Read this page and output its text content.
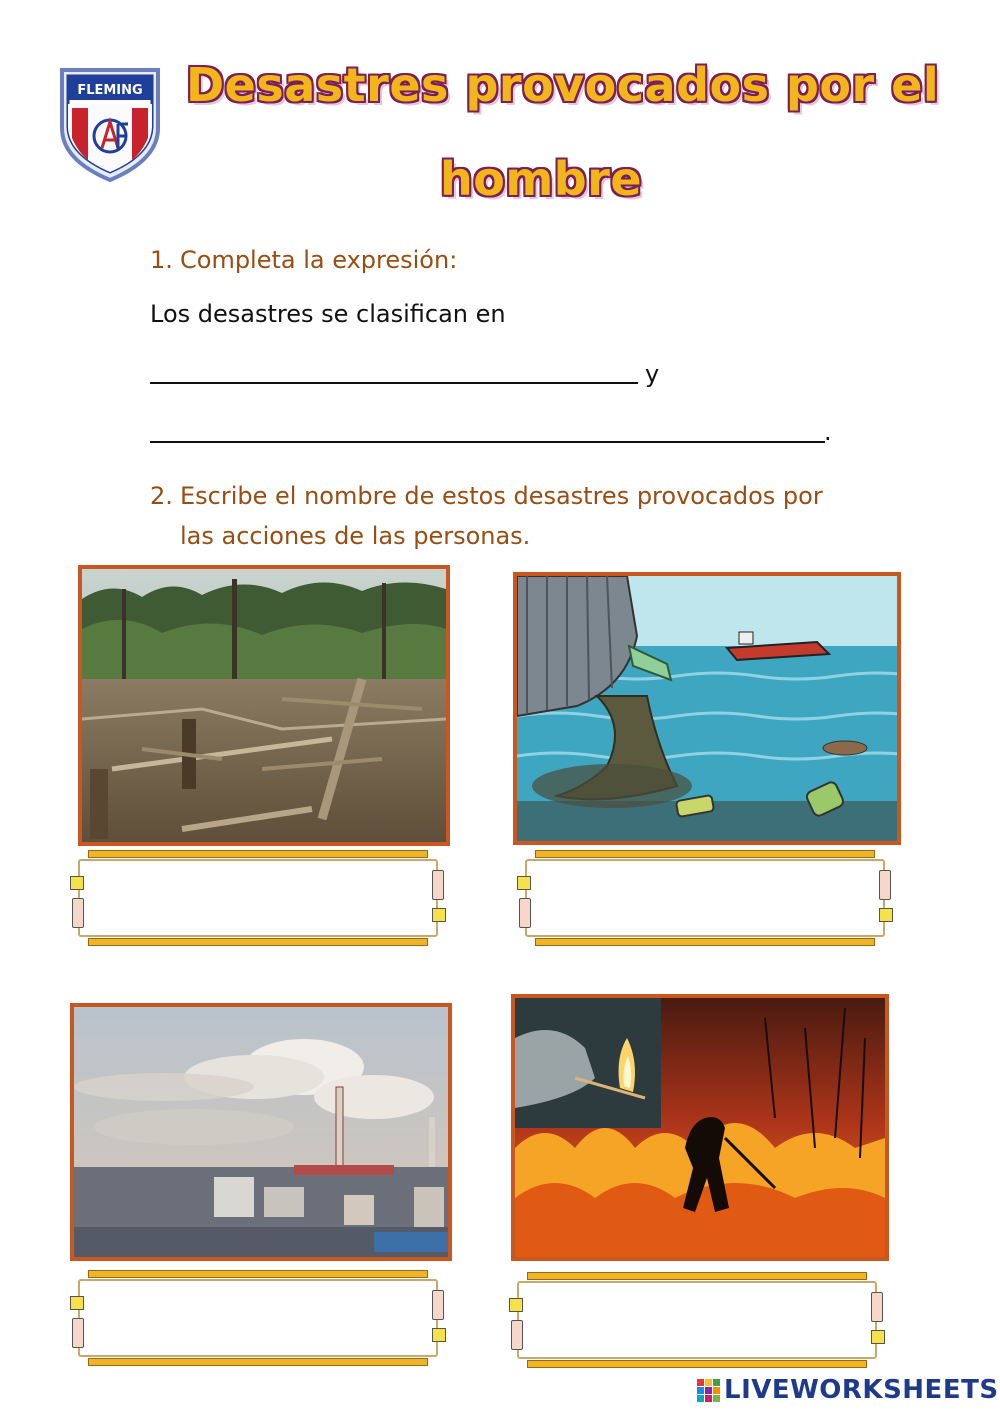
FLEMING Desastres provocados por el
hombre
1. Completa la expresión:
Los desastres se clasifican en
y
.
2. Escribe el nombre de estos desastres provocados por
las acciones de las personas.
LIVEWORKSHEETS
